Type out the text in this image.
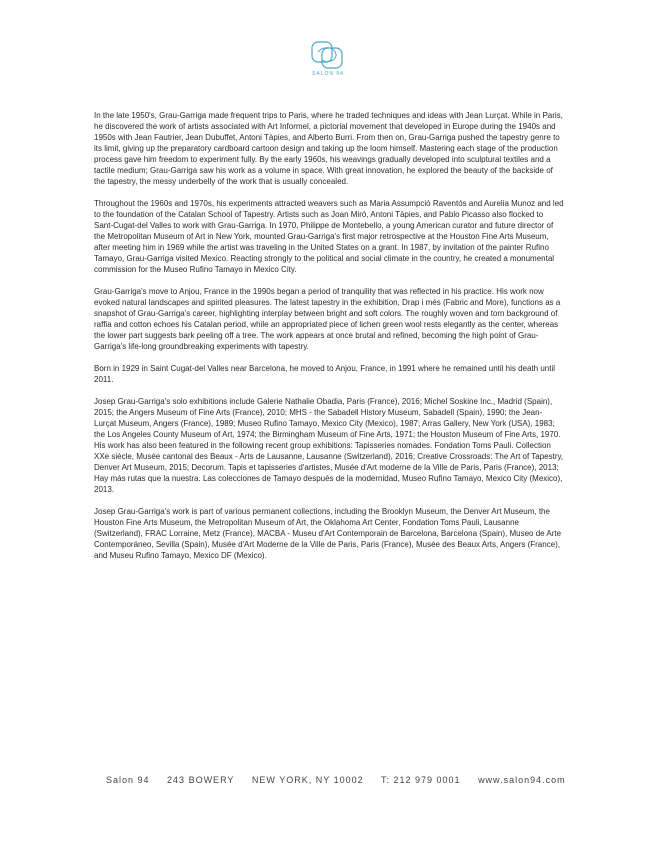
SALON 94

In the late 1950's, Grau-Garriga made frequent trips to Paris, where he traded techniques and ideas with Jean Lurçat. While in Paris, he discovered the work of artists associated with Art Informel, a pictorial movement that developed in Europe during the 1940s and 1950s with Jean Fautrier, Jean Dubuffet, Antoni Tàpies, and Alberto Burri. From then on, Grau-Garriga pushed the tapestry genre to its limit, giving up the preparatory cardboard cartoon design and taking up the loom himself. Mastering each stage of the production process gave him freedom to experiment fully. By the early 1960s, his weavings gradually developed into sculptural textiles and a tactile medium; Grau-Garriga saw his work as a volume in space. With great innovation, he explored the beauty of the backside of the tapestry, the messy underbelly of the work that is usually concealed.

Throughout the 1960s and 1970s, his experiments attracted weavers such as Maria Assumpció Raventós and Aurelia Munoz and led to the foundation of the Catalan School of Tapestry. Artists such as Joan Miró, Antoni Tàpies, and Pablo Picasso also flocked to Sant-Cugat-del Valles to work with Grau-Garriga. In 1970, Philippe de Montebello, a young American curator and future director of the Metropolitan Museum of Art in New York, mounted Grau-Garriga's first major retrospective at the Houston Fine Arts Museum, after meeting him in 1969 while the artist was traveling in the United States on a grant. In 1987, by invitation of the painter Rufino Tamayo, Grau-Garriga visited Mexico. Reacting strongly to the political and social climate in the country, he created a monumental commission for the Museo Rufino Tamayo in Mexico City.

Grau-Garriga's move to Anjou, France in the 1990s began a period of tranquility that was reflected in his practice. His work now evoked natural landscapes and spirited pleasures. The latest tapestry in the exhibition, Drap i més (Fabric and More), functions as a snapshot of Grau-Garriga's career, highlighting interplay between bright and soft colors. The roughly woven and torn background of raffia and cotton echoes his Catalan period, while an appropriated piece of lichen green wool rests elegantly as the center, whereas the lower part suggests bark peeling off a tree. The work appears at once brutal and refined, becoming the high point of Grau-Garriga's life-long groundbreaking experiments with tapestry.

Born in 1929 in Saint Cugat-del Valles near Barcelona, he moved to Anjou, France, in 1991 where he remained until his death until 2011.

Josep Grau-Garriga's solo exhibitions include Galerie Nathalie Obadia, Paris (France), 2016; Michel Soskine Inc., Madrid (Spain), 2015; the Angers Museum of Fine Arts (France), 2010; MHS - the Sabadell History Museum, Sabadell (Spain), 1990; the Jean-Lurçat Museum, Angers (France), 1989; Museo Rufino Tamayo, Mexico City (Mexico), 1987; Arras Gallery, New York (USA), 1983; the Los Angeles County Museum of Art, 1974; the Birmingham Museum of Fine Arts, 1971; the Houston Museum of Fine Arts, 1970. His work has also been featured in the following recent group exhibitions: Tapisseries nomades. Fondation Toms Pauli. Collection XXe siècle, Musée cantonal des Beaux - Arts de Lausanne, Lausanne (Switzerland), 2016; Creative Crossroads: The Art of Tapestry, Denver Art Museum, 2015; Decorum. Tapis et tapisseries d'artistes, Musée d'Art moderne de la Ville de Paris, Paris (France), 2013; Hay más rutas que la nuestra. Las colecciones de Tamayo después de la modernidad, Museo Rufino Tamayo, Mexico City (Mexico), 2013.

Josep Grau-Garriga's work is part of various permanent collections, including the Brooklyn Museum, the Denver Art Museum, the Houston Fine Arts Museum, the Metropolitan Museum of Art, the Oklahoma Art Center, Fondation Toms Pauli, Lausanne (Switzerland), FRAC Lorraine, Metz (France), MACBA - Museu d'Art Contemporain de Barcelona, Barcelona (Spain), Museo de Arte Contemporáneo, Sevilla (Spain), Musée d'Art Moderne de la Ville de Paris, Paris (France), Musée des Beaux Arts, Angers (France), and Museu Rufino Tamayo, Mexico DF (Mexico).

Salon 94 243 BOWERY NEW YORK, NY 10002 T: 212 979 0001 www.salon94.com
